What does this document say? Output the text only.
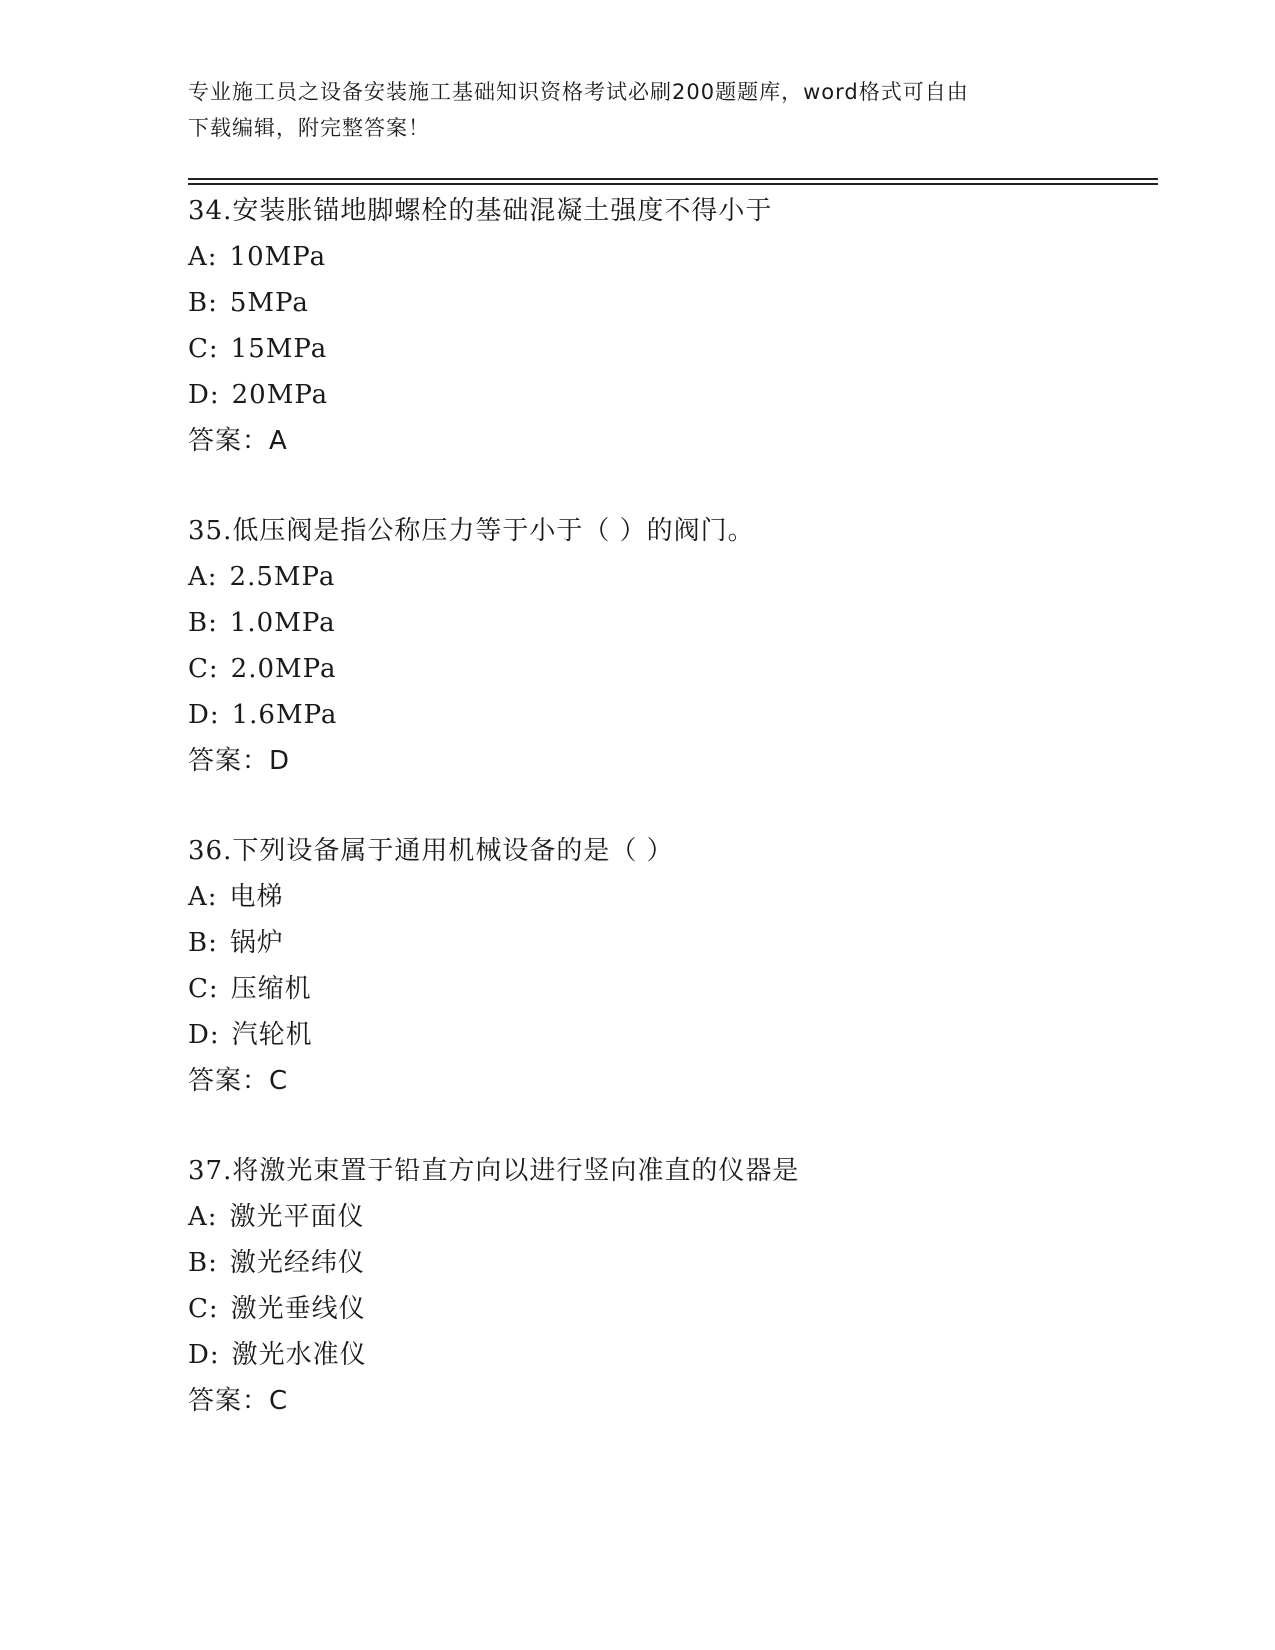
专业施工员之设备安装施工基础知识资格考试必刷200题题库，word格式可自由
下载编辑，附完整答案！
34.安装胀锚地脚螺栓的基础混凝土强度不得小于
A: 10MPa
B: 5MPa
C: 15MPa
D: 20MPa
答案：A
35.低压阀是指公称压力等于小于（ ）的阀门。
A: 2.5MPa
B: 1.0MPa
C: 2.0MPa
D: 1.6MPa
答案：D
36.下列设备属于通用机械设备的是（ ）
A: 电梯
B: 锅炉
C: 压缩机
D: 汽轮机
答案：C
37.将激光束置于铅直方向以进行竖向准直的仪器是
A: 激光平面仪
B: 激光经纬仪
C: 激光垂线仪
D: 激光水准仪
答案：C
